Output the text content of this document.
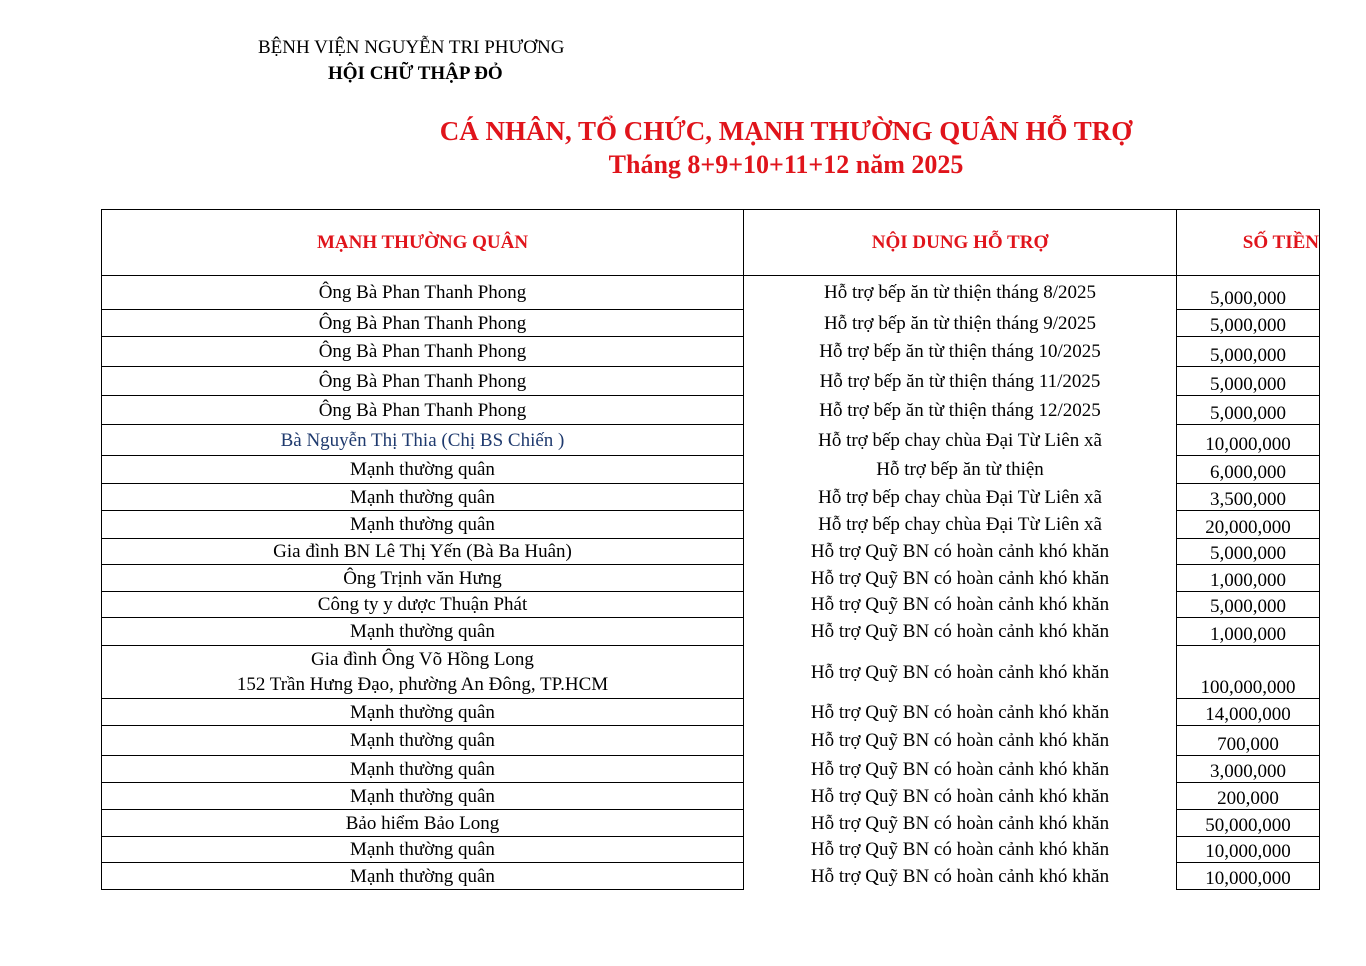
BỆNH VIỆN NGUYỄN TRI PHƯƠNG
HỘI CHỮ THẬP ĐỎ
CÁ NHÂN, TỔ CHỨC, MẠNH THƯỜNG QUÂN HỖ TRỢ
Tháng 8+9+10+11+12 năm 2025
MẠNH THƯỜNG QUÂN	NỘI DUNG HỖ TRỢ	SỐ TIỀN

Ông Bà Phan Thanh Phong	Hỗ trợ bếp ăn từ thiện tháng 8/2025	5,000,000

Ông Bà Phan Thanh Phong	Hỗ trợ bếp ăn từ thiện tháng 9/2025	5,000,000

Ông Bà Phan Thanh Phong	Hỗ trợ bếp ăn từ thiện tháng 10/2025	5,000,000

Ông Bà Phan Thanh Phong	Hỗ trợ bếp ăn từ thiện tháng 11/2025	5,000,000

Ông Bà Phan Thanh Phong	Hỗ trợ bếp ăn từ thiện tháng 12/2025	5,000,000

Bà Nguyễn Thị Thia (Chị BS Chiến )	Hỗ trợ bếp chay chùa Đại Từ Liên xã	10,000,000

Mạnh thường quân	Hỗ trợ bếp ăn từ thiện	6,000,000

Mạnh thường quân	Hỗ trợ bếp chay chùa Đại Từ Liên xã	3,500,000

Mạnh thường quân	Hỗ trợ bếp chay chùa Đại Từ Liên xã	20,000,000

Gia đình BN Lê Thị Yến (Bà Ba Huân)	Hỗ trợ Quỹ BN có hoàn cảnh khó khăn	5,000,000

Ông Trịnh văn Hưng	Hỗ trợ Quỹ BN có hoàn cảnh khó khăn	1,000,000

Công ty y dược Thuận Phát	Hỗ trợ Quỹ BN có hoàn cảnh khó khăn	5,000,000

Mạnh thường quân	Hỗ trợ Quỹ BN có hoàn cảnh khó khăn	1,000,000

Gia đình Ông Võ Hồng Long
152 Trần Hưng Đạo, phường An Đông, TP.HCM	Hỗ trợ Quỹ BN có hoàn cảnh khó khăn	100,000,000

Mạnh thường quân	Hỗ trợ Quỹ BN có hoàn cảnh khó khăn	14,000,000

Mạnh thường quân	Hỗ trợ Quỹ BN có hoàn cảnh khó khăn	700,000

Mạnh thường quân	Hỗ trợ Quỹ BN có hoàn cảnh khó khăn	3,000,000

Mạnh thường quân	Hỗ trợ Quỹ BN có hoàn cảnh khó khăn	200,000

Bảo hiểm Bảo Long	Hỗ trợ Quỹ BN có hoàn cảnh khó khăn	50,000,000

Mạnh thường quân	Hỗ trợ Quỹ BN có hoàn cảnh khó khăn	10,000,000

Mạnh thường quân	Hỗ trợ Quỹ BN có hoàn cảnh khó khăn	10,000,000
